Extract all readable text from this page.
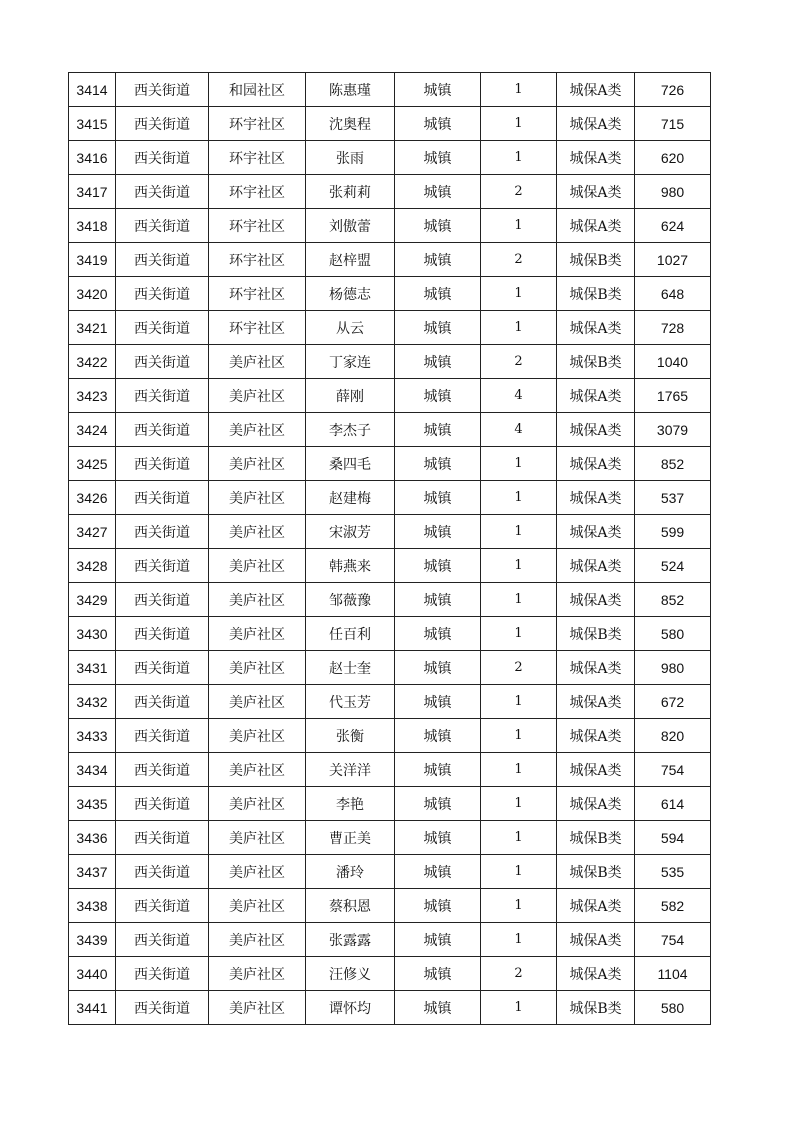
3414	西关街道	和园社区	陈惠瑾	城镇	1	城保A类	726
3415	西关街道	环宇社区	沈奥程	城镇	1	城保A类	715
3416	西关街道	环宇社区	张雨	城镇	1	城保A类	620
3417	西关街道	环宇社区	张莉莉	城镇	2	城保A类	980
3418	西关街道	环宇社区	刘傲蕾	城镇	1	城保A类	624
3419	西关街道	环宇社区	赵梓盟	城镇	2	城保B类	1027
3420	西关街道	环宇社区	杨德志	城镇	1	城保B类	648
3421	西关街道	环宇社区	从云	城镇	1	城保A类	728
3422	西关街道	美庐社区	丁家连	城镇	2	城保B类	1040
3423	西关街道	美庐社区	薛刚	城镇	4	城保A类	1765
3424	西关街道	美庐社区	李杰子	城镇	4	城保A类	3079
3425	西关街道	美庐社区	桑四毛	城镇	1	城保A类	852
3426	西关街道	美庐社区	赵建梅	城镇	1	城保A类	537
3427	西关街道	美庐社区	宋淑芳	城镇	1	城保A类	599
3428	西关街道	美庐社区	韩燕来	城镇	1	城保A类	524
3429	西关街道	美庐社区	邹薇豫	城镇	1	城保A类	852
3430	西关街道	美庐社区	任百利	城镇	1	城保B类	580
3431	西关街道	美庐社区	赵士奎	城镇	2	城保A类	980
3432	西关街道	美庐社区	代玉芳	城镇	1	城保A类	672
3433	西关街道	美庐社区	张衡	城镇	1	城保A类	820
3434	西关街道	美庐社区	关洋洋	城镇	1	城保A类	754
3435	西关街道	美庐社区	李艳	城镇	1	城保A类	614
3436	西关街道	美庐社区	曹正美	城镇	1	城保B类	594
3437	西关街道	美庐社区	潘玲	城镇	1	城保B类	535
3438	西关街道	美庐社区	蔡积恩	城镇	1	城保A类	582
3439	西关街道	美庐社区	张露露	城镇	1	城保A类	754
3440	西关街道	美庐社区	汪修义	城镇	2	城保A类	1104
3441	西关街道	美庐社区	谭怀均	城镇	1	城保B类	580
